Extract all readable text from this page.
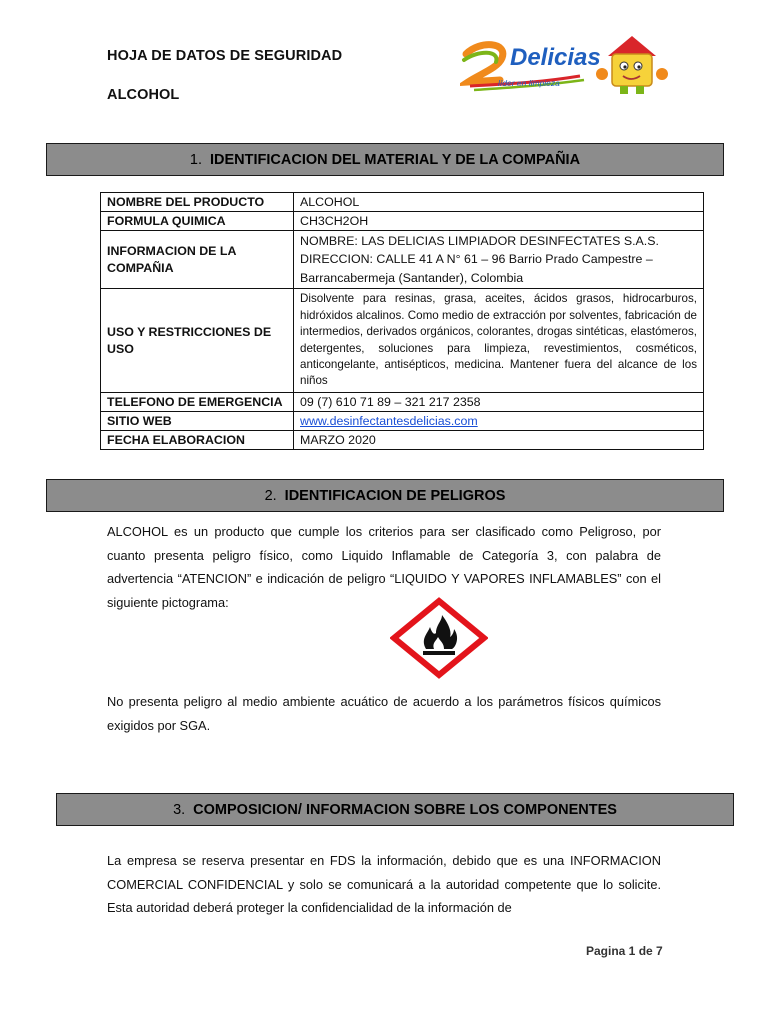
HOJA DE DATOS DE SEGURIDAD
ALCOHOL
Delicias
líder en limpieza
1. IDENTIFICACION DEL MATERIAL Y DE LA COMPAÑIA
NOMBRE DEL PRODUCTO	ALCOHOL
FORMULA QUIMICA	CH3CH2OH
INFORMACION DE LA COMPAÑIA	NOMBRE: LAS DELICIAS LIMPIADOR DESINFECTATES S.A.S. DIRECCION: CALLE 41 A N° 61 – 96 Barrio Prado Campestre – Barrancabermeja (Santander), Colombia
USO Y RESTRICCIONES DE USO	Disolvente para resinas, grasa, aceites, ácidos grasos, hidrocarburos, hidróxidos alcalinos. Como medio de extracción por solventes, fabricación de intermedios, derivados orgánicos, colorantes, drogas sintéticas, elastómeros, detergentes, soluciones para limpieza, revestimientos, cosméticos, anticongelante, antisépticos, medicina. Mantener fuera del alcance de los niños
TELEFONO DE EMERGENCIA	09 (7) 610 71 89 – 321 217 2358
SITIO WEB	www.desinfectantesdelicias.com
FECHA ELABORACION	MARZO 2020
2. IDENTIFICACION DE PELIGROS
ALCOHOL es un producto que cumple los criterios para ser clasificado como Peligroso, por cuanto presenta peligro físico, como Liquido Inflamable de Categoría 3, con palabra de advertencia “ATENCION” e indicación de peligro “LIQUIDO Y VAPORES INFLAMABLES” con el siguiente pictograma:
No presenta peligro al medio ambiente acuático de acuerdo a los parámetros físicos químicos exigidos por SGA.
3. COMPOSICION/ INFORMACION SOBRE LOS COMPONENTES
La empresa se reserva presentar en FDS la información, debido que es una INFORMACION COMERCIAL CONFIDENCIAL y solo se comunicará a la autoridad competente que lo solicite. Esta autoridad deberá proteger la confidencialidad de la información de
Pagina 1 de 7
